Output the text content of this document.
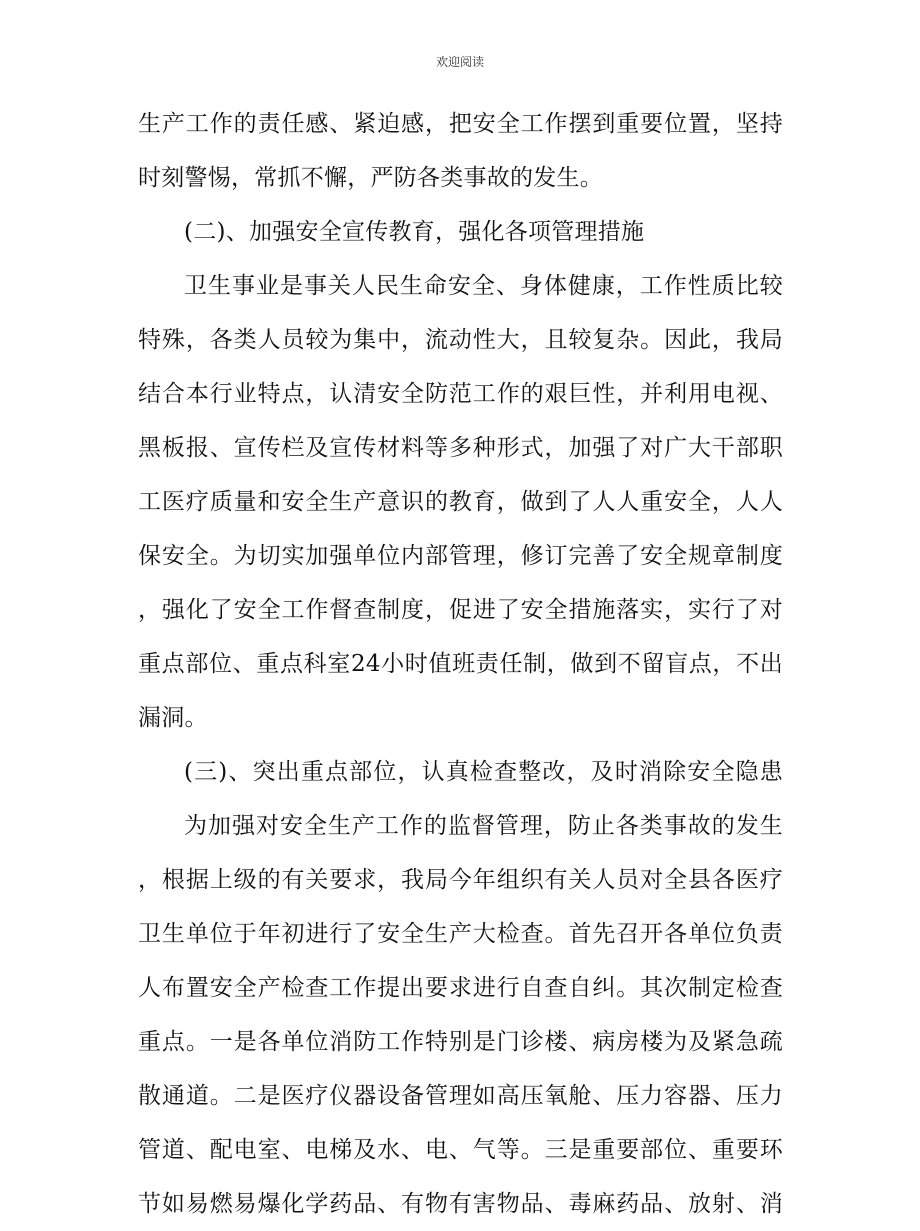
欢迎阅读
生产工作的责任感、紧迫感，把安全工作摆到重要位置，坚持
时刻警惕，常抓不懈，严防各类事故的发生。
(二)、加强安全宣传教育，强化各项管理措施
卫生事业是事关人民生命安全、身体健康，工作性质比较
特殊，各类人员较为集中，流动性大，且较复杂。因此，我局
结合本行业特点，认清安全防范工作的艰巨性，并利用电视、
黑板报、宣传栏及宣传材料等多种形式，加强了对广大干部职
工医疗质量和安全生产意识的教育，做到了人人重安全，人人
保安全。为切实加强单位内部管理，修订完善了安全规章制度
，强化了安全工作督查制度，促进了安全措施落实，实行了对
重点部位、重点科室24小时值班责任制，做到不留盲点，不出
漏洞。
(三)、突出重点部位，认真检查整改，及时消除安全隐患
为加强对安全生产工作的监督管理，防止各类事故的发生
，根据上级的有关要求，我局今年组织有关人员对全县各医疗
卫生单位于年初进行了安全生产大检查。首先召开各单位负责
人布置安全产检查工作提出要求进行自查自纠。其次制定检查
重点。一是各单位消防工作特别是门诊楼、病房楼为及紧急疏
散通道。二是医疗仪器设备管理如高压氧舱、压力容器、压力
管道、配电室、电梯及水、电、气等。三是重要部位、重要环
节如易燃易爆化学药品、有物有害物品、毒麻药品、放射、消
